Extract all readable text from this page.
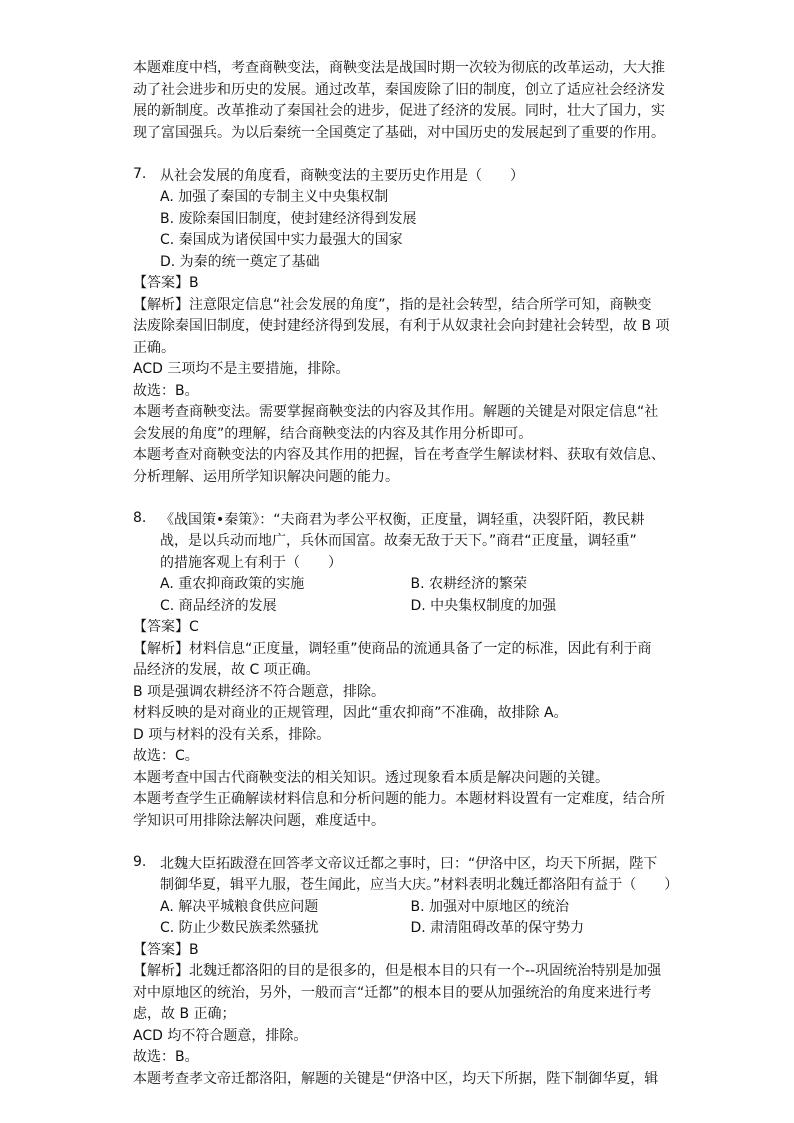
本题难度中档，考查商鞅变法，商鞅变法是战国时期一次较为彻底的改革运动，大大推

动了社会进步和历史的发展。通过改革，秦国废除了旧的制度，创立了适应社会经济发

展的新制度。改革推动了秦国社会的进步，促进了经济的发展。同时，壮大了国力，实

现了富国强兵。为以后秦统一全国奠定了基础，对中国历史的发展起到了重要的作用。

7. 从社会发展的角度看，商鞅变法的主要历史作用是（　　）

A. 加强了秦国的专制主义中央集权制

B. 废除秦国旧制度，使封建经济得到发展

C. 秦国成为诸侯国中实力最强大的国家

D. 为秦的统一奠定了基础

【答案】B

【解析】注意限定信息“社会发展的角度”，指的是社会转型，结合所学可知，商鞅变

法废除秦国旧制度，使封建经济得到发展，有利于从奴隶社会向封建社会转型，故 B 项

正确。

ACD 三项均不是主要措施，排除。

故选：B。

本题考查商鞅变法。需要掌握商鞅变法的内容及其作用。解题的关键是对限定信息“社

会发展的角度”的理解，结合商鞅变法的内容及其作用分析即可。

本题考查对商鞅变法的内容及其作用的把握，旨在考查学生解读材料、获取有效信息、

分析理解、运用所学知识解决问题的能力。

8. 《战国策•秦策》：“夫商君为孝公平权衡，正度量，调轻重，决裂阡陌，教民耕

战，是以兵动而地广，兵休而国富。故秦无敌于天下。”商君“正度量，调轻重”

的措施客观上有利于（　　）

A. 重农抑商政策的实施	B. 农耕经济的繁荣
C. 商品经济的发展	D. 中央集权制度的加强

【答案】C

【解析】材料信息“正度量，调轻重”使商品的流通具备了一定的标准，因此有利于商

品经济的发展，故 C 项正确。

B 项是强调农耕经济不符合题意，排除。

材料反映的是对商业的正规管理，因此“重农抑商”不准确，故排除 A。

D 项与材料的没有关系，排除。

故选：C。

本题考查中国古代商鞅变法的相关知识。透过现象看本质是解决问题的关键。

本题考查学生正确解读材料信息和分析问题的能力。本题材料设置有一定难度，结合所

学知识可用排除法解决问题，难度适中。

9. 北魏大臣拓跋澄在回答孝文帝议迁都之事时，曰：“伊洛中区，均天下所据，陛下

制御华夏，辑平九服，苍生闻此，应当大庆。”材料表明北魏迁都洛阳有益于（　　）

A. 解决平城粮食供应问题	B. 加强对中原地区的统治
C. 防止少数民族柔然骚扰	D. 肃清阻碍改革的保守势力

【答案】B

【解析】北魏迁都洛阳的目的是很多的，但是根本目的只有一个--巩固统治特别是加强

对中原地区的统治，另外，一般而言“迁都”的根本目的要从加强统治的角度来进行考

虑，故 B 正确；

ACD 均不符合题意，排除。

故选：B。

本题考查孝文帝迁都洛阳，解题的关键是“伊洛中区，均天下所据，陛下制御华夏，辑
